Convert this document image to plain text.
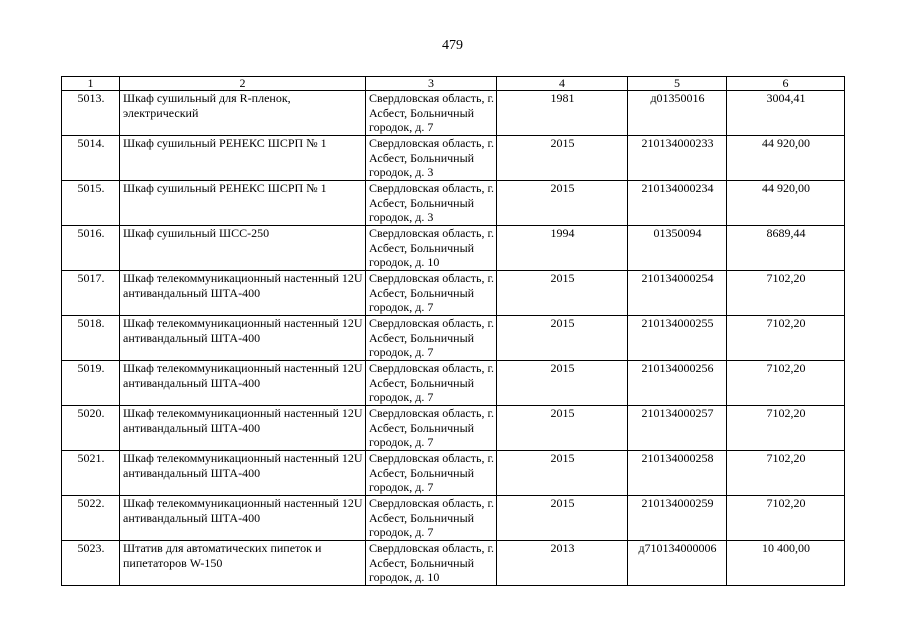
479
1	2	3	4	5	6
5013.	Шкаф сушильный для R-пленок, электрический	Свердловская область, г. Асбест, Больничный городок, д. 7	1981	д01350016	3004,41
5014.	Шкаф сушильный РЕНЕКС ШСРП № 1	Свердловская область, г. Асбест, Больничный городок, д. 3	2015	210134000233	44 920,00
5015.	Шкаф сушильный РЕНЕКС ШСРП № 1	Свердловская область, г. Асбест, Больничный городок, д. 3	2015	210134000234	44 920,00
5016.	Шкаф сушильный ШСС-250	Свердловская область, г. Асбест, Больничный городок, д. 10	1994	01350094	8689,44
5017.	Шкаф телекоммуникационный настенный 12U антивандальный ШТА-400	Свердловская область, г. Асбест, Больничный городок, д. 7	2015	210134000254	7102,20
5018.	Шкаф телекоммуникационный настенный 12U антивандальный ШТА-400	Свердловская область, г. Асбест, Больничный городок, д. 7	2015	210134000255	7102,20
5019.	Шкаф телекоммуникационный настенный 12U антивандальный ШТА-400	Свердловская область, г. Асбест, Больничный городок, д. 7	2015	210134000256	7102,20
5020.	Шкаф телекоммуникационный настенный 12U антивандальный ШТА-400	Свердловская область, г. Асбест, Больничный городок, д. 7	2015	210134000257	7102,20
5021.	Шкаф телекоммуникационный настенный 12U антивандальный ШТА-400	Свердловская область, г. Асбест, Больничный городок, д. 7	2015	210134000258	7102,20
5022.	Шкаф телекоммуникационный настенный 12U антивандальный ШТА-400	Свердловская область, г. Асбест, Больничный городок, д. 7	2015	210134000259	7102,20
5023.	Штатив для автоматических пипеток и пипетаторов W-150	Свердловская область, г. Асбест, Больничный городок, д. 10	2013	д710134000006	10 400,00
